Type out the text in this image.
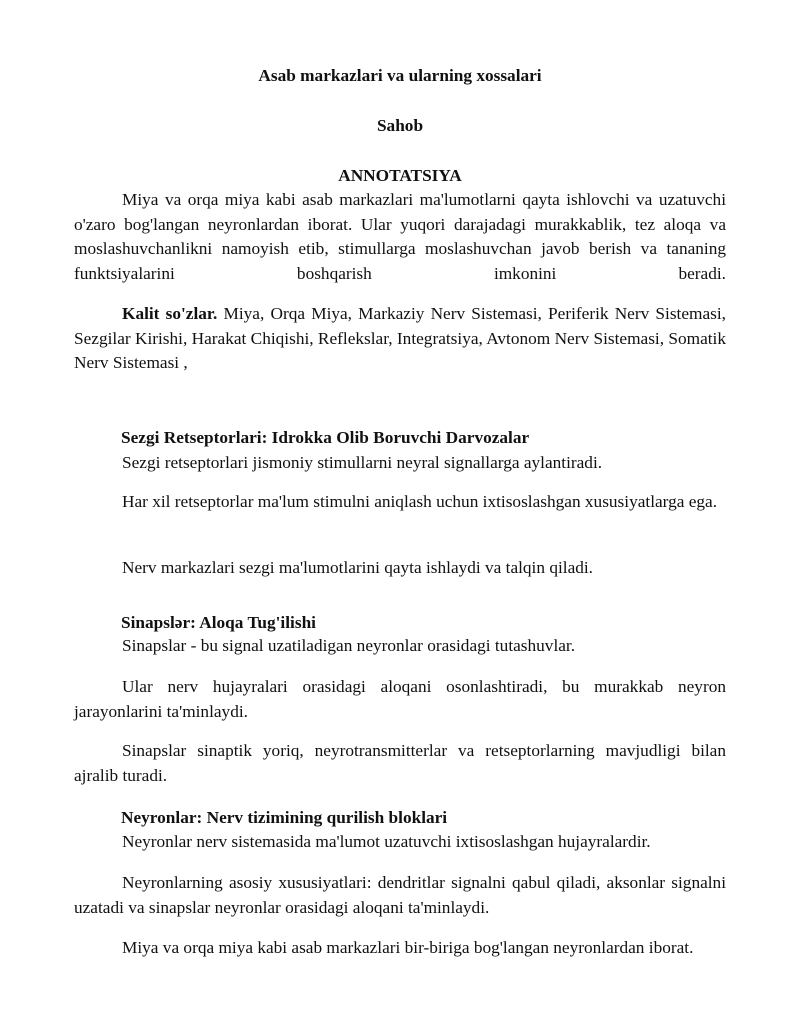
Asab markazlari va ularning xossalari

Sahob

ANNOTATSIYA

Miya va orqa miya kabi asab markazlari ma'lumotlarni qayta ishlovchi va uzatuvchi o'zaro bog'langan neyronlardan iborat. Ular yuqori darajadagi murakkablik, tez aloqa va moslashuvchanlikni namoyish etib, stimullarga moslashuvchan javob berish va tananing funktsiyalarini boshqarish imkonini beradi.

Kalit so'zlar. Miya, Orqa Miya, Markaziy Nerv Sistemasi, Periferik Nerv Sistemasi, Sezgilar Kirishi, Harakat Chiqishi, Reflekslar, Integratsiya, Avtonom Nerv Sistemasi, Somatik Nerv Sistemasi ,

Sezgi Retseptorlari: Idrokka Olib Boruvchi Darvozalar

Sezgi retseptorlari jismoniy stimullarni neyral signallarga aylantiradi.

Har xil retseptorlar ma'lum stimulni aniqlash uchun ixtisoslashgan xususiyatlarga ega.

Nerv markazlari sezgi ma'lumotlarini qayta ishlaydi va talqin qiladi.

Sinapslər: Aloqa Tug'ilishi

Sinapslar - bu signal uzatiladigan neyronlar orasidagi tutashuvlar.

Ular nerv hujayralari orasidagi aloqani osonlashtiradi, bu murakkab neyron jarayonlarini ta'minlaydi.

Sinapslar sinaptik yoriq, neyrotransmitterlar va retseptorlarning mavjudligi bilan ajralib turadi.

Neyronlar: Nerv tizimining qurilish bloklari

Neyronlar nerv sistemasida ma'lumot uzatuvchi ixtisoslashgan hujayralardir.

Neyronlarning asosiy xususiyatlari: dendritlar signalni qabul qiladi, aksonlar signalni uzatadi va sinapslar neyronlar orasidagi aloqani ta'minlaydi.

Miya va orqa miya kabi asab markazlari bir-biriga bog'langan neyronlardan iborat.
